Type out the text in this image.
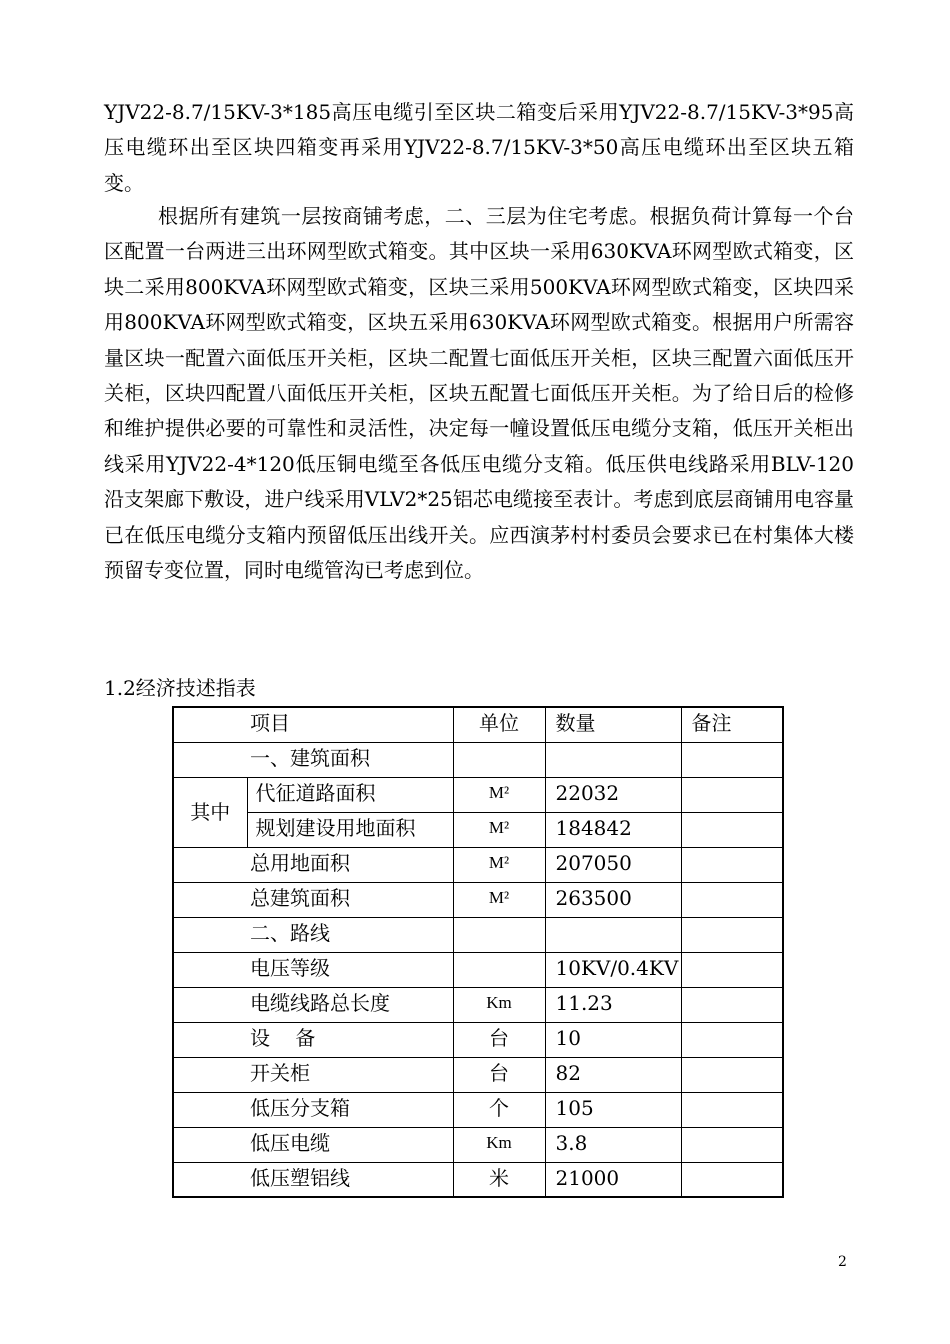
YJV22-8.7/15KV-3*185高压电缆引至区块二箱变后采用YJV22-8.7/15KV-3*95高压电缆环出至区块四箱变再采用YJV22-8.7/15KV-3*50高压电缆环出至区块五箱变。

根据所有建筑一层按商铺考虑，二、三层为住宅考虑。根据负荷计算每一个台区配置一台两进三出环网型欧式箱变。其中区块一采用630KVA环网型欧式箱变，区块二采用800KVA环网型欧式箱变，区块三采用500KVA环网型欧式箱变，区块四采用800KVA环网型欧式箱变，区块五采用630KVA环网型欧式箱变。根据用户所需容量区块一配置六面低压开关柜，区块二配置七面低压开关柜，区块三配置六面低压开关柜，区块四配置八面低压开关柜，区块五配置七面低压开关柜。为了给日后的检修和维护提供必要的可靠性和灵活性，决定每一幢设置低压电缆分支箱，低压开关柜出线采用YJV22-4*120低压铜电缆至各低压电缆分支箱。低压供电线路采用BLV-120沿支架廊下敷设，进户线采用VLV2*25铝芯电缆接至表计。考虑到底层商铺用电容量已在低压电缆分支箱内预留低压出线开关。应西演茅村村委员会要求已在村集体大楼预留专变位置，同时电缆管沟已考虑到位。

1.2经济技述指表
项目		单位	数量	备注
一、建筑面积				
其中	代征道路面积	M²	22032	
	规划建设用地面积	M²	184842	
总用地面积		M²	207050	
总建筑面积		M²	263500	
二、路线				
电压等级			10KV/0.4KV	
电缆线路总长度		Km	11.23	
设    备		台	10	
开关柜		台	82	
低压分支箱		个	105	
低压电缆		Km	3.8	
低压塑铝线		米	21000	
2
